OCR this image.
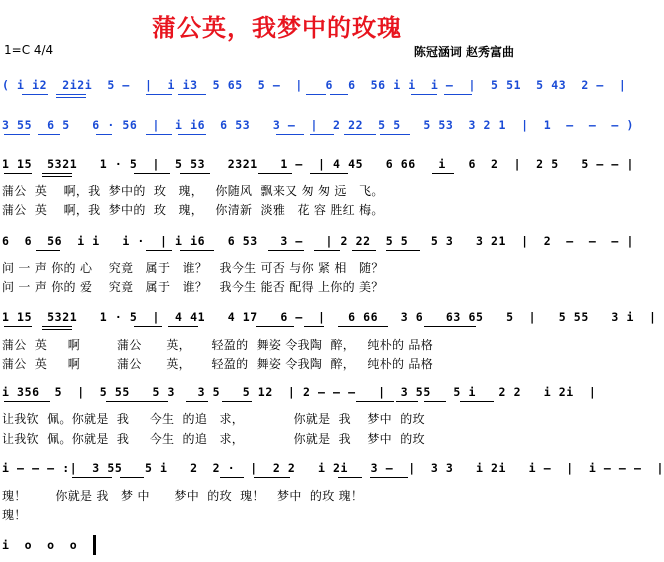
蒲公英，我梦中的玫瑰
1=C 4/4	陈冠涵词 赵秀富曲
( i i2  2i2i  5 –  |  i i3  5 65  5 –  |   6  6  56 i i  i –  |  5 51  5 43  2 –  |
3 55  6 5   6 · 56  |  i i6  6 53   3 –  |  2 22  5 5   5 53  3 2 1  |  1  –  –  – )
1 15  5321   1 · 5  |  5 53   2321   1 –  | 4 45   6 66   i   6  2  |  2 5   5 – – |
蒲公  英    啊，我  梦中的  玫   瑰，   你随风  飘来又 匆 匆 远   飞。
蒲公  英    啊，我  梦中的  玫   瑰，   你清新  淡雅   花 容 胜红 梅。
6  6  56  i i   i ·  | i i6   6 53   3 –   | 2 22  5 5   5 3   3 21  |  2  –  –  – |
问 一 声 你的 心    究竟   属于   谁？   我今生 可否 与你 紧 相   随？
问 一 声 你的 爱    究竟   属于   谁？   我今生 能否 配得 上你的 美？
1 15  5321   1 · 5  |  4 41   4 17   6 –  |   6 66   3 6   63 65   5  |   5 55   3 i  |
蒲公  英     啊         蒲公      英，     轻盈的  舞姿 令我陶  醉，   纯朴的 品格
蒲公  英     啊         蒲公      英，     轻盈的  舞姿 令我陶  醉，   纯朴的 品格
i 356  5  |  5 55   5 3   3 5   5 12  | 2 – – –   |  3 55   5 i   2 2   i 2i  |
让我钦  佩。你就是  我     今生  的追   求，            你就是  我    梦中  的玫
让我钦  佩。你就是  我     今生  的追   求，            你就是  我    梦中  的玫
i – – – :|  3 55   5 i   2  2 ·  |  2 2   i 2i   3 –  |  3 3   i 2i   i –  |  i – – –  |
瑰！       你就是 我   梦 中      梦中  的玫  瑰！   梦中  的玫 瑰！
瑰！
i  o  o  o
